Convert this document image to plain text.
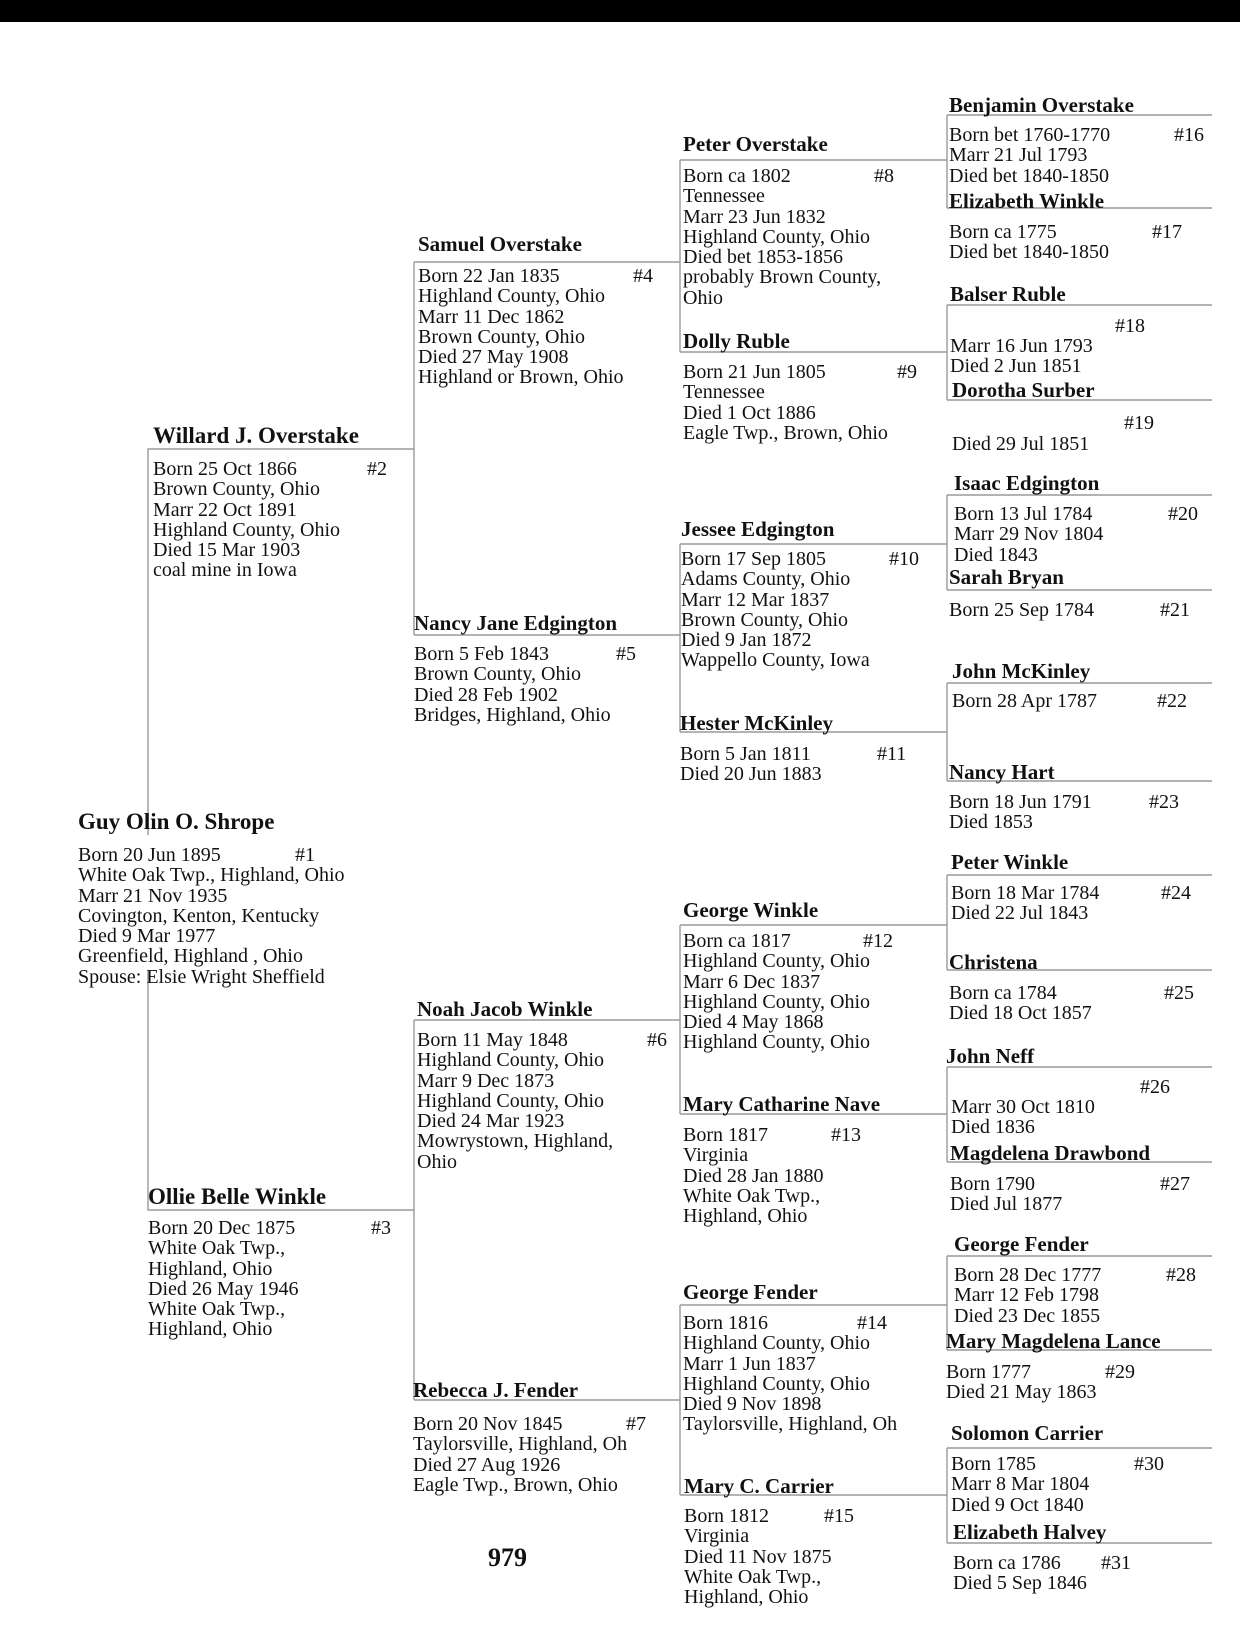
Guy Olin O. Shrope
#1
Born 20 Jun 1895
White Oak Twp., Highland, Ohio
Marr 21 Nov 1935
Covington, Kenton, Kentucky
Died 9 Mar 1977
Greenfield, Highland , Ohio
Spouse: Elsie Wright Sheffield
Willard J. Overstake
#2
Born 25 Oct 1866
Brown County, Ohio
Marr 22 Oct 1891
Highland County, Ohio
Died 15 Mar 1903
coal mine in Iowa
Ollie Belle Winkle
#3
Born 20 Dec 1875
White Oak Twp.,
Highland, Ohio
Died 26 May 1946
White Oak Twp.,
Highland, Ohio
Samuel Overstake
#4
Born 22 Jan 1835
Highland County, Ohio
Marr 11 Dec 1862
Brown County, Ohio
Died 27 May 1908
Highland or Brown, Ohio
Nancy Jane Edgington
#5
Born 5 Feb 1843
Brown County, Ohio
Died 28 Feb 1902
Bridges, Highland, Ohio
Noah Jacob Winkle
#6
Born 11 May 1848
Highland County, Ohio
Marr 9 Dec 1873
Highland County, Ohio
Died 24 Mar 1923
Mowrystown, Highland,
Ohio
Rebecca J. Fender
#7
Born 20 Nov 1845
Taylorsville, Highland, Oh
Died 27 Aug 1926
Eagle Twp., Brown, Ohio
Peter Overstake
#8
Born ca 1802
Tennessee
Marr 23 Jun 1832
Highland County, Ohio
Died bet 1853-1856
probably Brown County,
Ohio
Dolly Ruble
#9
Born 21 Jun 1805
Tennessee
Died 1 Oct 1886
Eagle Twp., Brown, Ohio
Jessee Edgington
#10
Born 17 Sep 1805
Adams County, Ohio
Marr 12 Mar 1837
Brown County, Ohio
Died 9 Jan 1872
Wappello County, Iowa
Hester McKinley
#11
Born 5 Jan 1811
Died 20 Jun 1883
George Winkle
#12
Born ca 1817
Highland County, Ohio
Marr 6 Dec 1837
Highland County, Ohio
Died 4 May 1868
Highland County, Ohio
Mary Catharine Nave
#13
Born 1817
Virginia
Died 28 Jan 1880
White Oak Twp.,
Highland, Ohio
George Fender
#14
Born 1816
Highland County, Ohio
Marr 1 Jun 1837
Highland County, Ohio
Died 9 Nov 1898
Taylorsville, Highland, Oh
Mary C. Carrier
#15
Born 1812
Virginia
Died 11 Nov 1875
White Oak Twp.,
Highland, Ohio
Benjamin Overstake
#16
Born bet 1760-1770
Marr 21 Jul 1793
Died bet 1840-1850
Elizabeth Winkle
#17
Born ca 1775
Died bet 1840-1850
Balser Ruble
#18
Marr 16 Jun 1793
Died 2 Jun 1851
Dorotha Surber
#19
Died 29 Jul 1851
Isaac Edgington
#20
Born 13 Jul 1784
Marr 29 Nov 1804
Died 1843
Sarah Bryan
#21
Born 25 Sep 1784
John McKinley
#22
Born 28 Apr 1787
Nancy Hart
#23
Born 18 Jun 1791
Died 1853
Peter Winkle
#24
Born 18 Mar 1784
Died 22 Jul 1843
Christena
#25
Born ca 1784
Died 18 Oct 1857
John Neff
#26
Marr 30 Oct 1810
Died 1836
Magdelena Drawbond
#27
Born 1790
Died Jul 1877
George Fender
#28
Born 28 Dec 1777
Marr 12 Feb 1798
Died 23 Dec 1855
Mary Magdelena Lance
#29
Born 1777
Died 21 May 1863
Solomon Carrier
#30
Born 1785
Marr 8 Mar 1804
Died 9 Oct 1840
Elizabeth Halvey
#31
Born ca 1786
Died 5 Sep 1846
979
